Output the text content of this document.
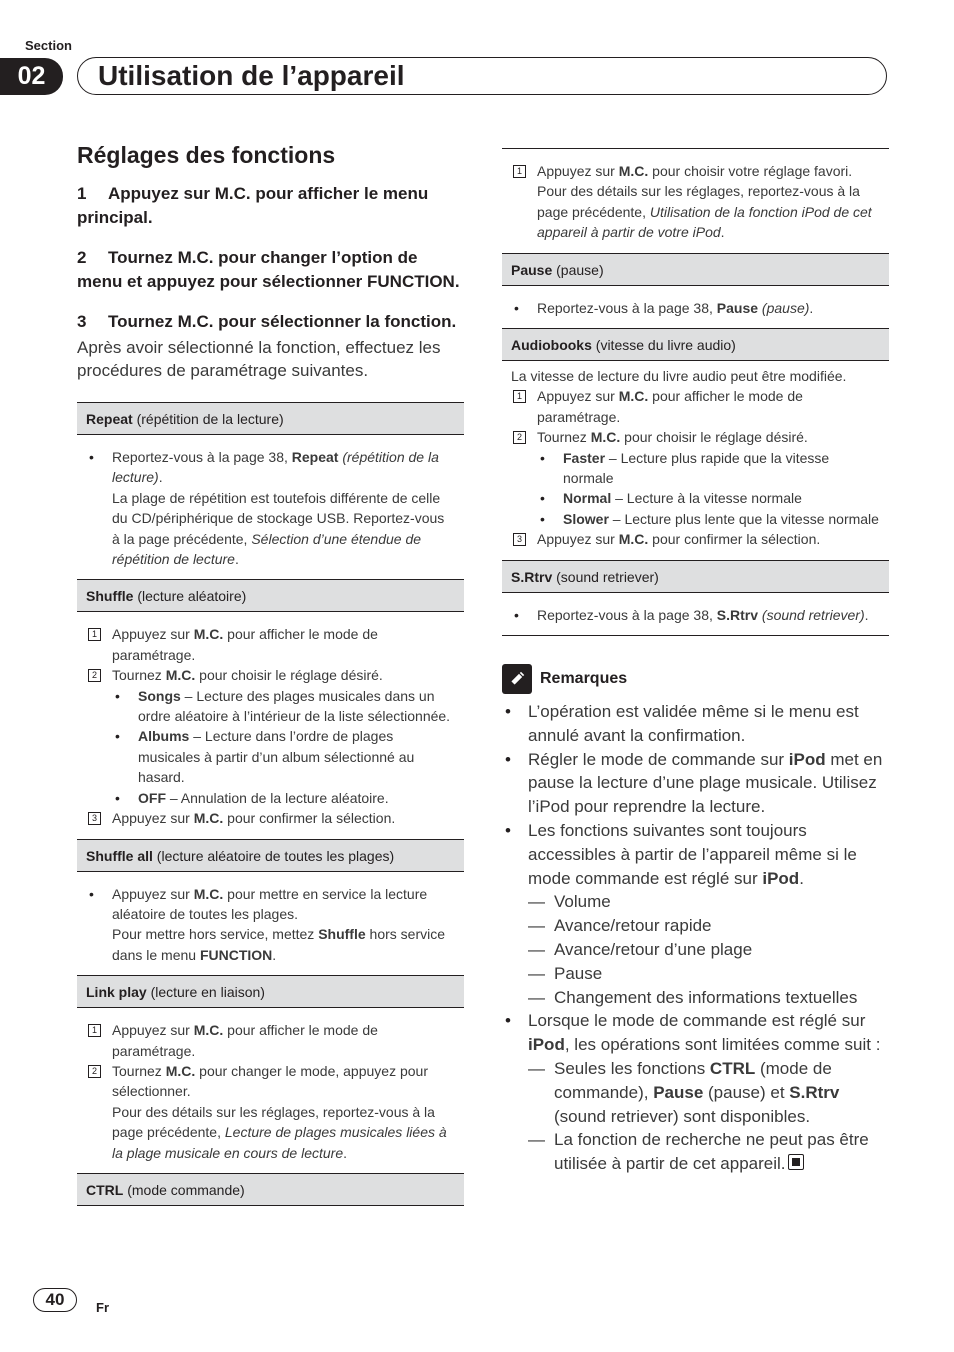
Section
02	Utilisation de l’appareil
Réglages des fonctions
1 Appuyez sur M.C. pour afficher le menu principal.
2 Tournez M.C. pour changer l’option de menu et appuyez pour sélectionner FUNCTION.
3 Tournez M.C. pour sélectionner la fonction.
Après avoir sélectionné la fonction, effectuez les procédures de paramétrage suivantes.
Repeat (répétition de la lecture)
• Reportez-vous à la page 38, Repeat (répétition de la lecture).
La plage de répétition est toutefois différente de celle du CD/périphérique de stockage USB. Reportez-vous à la page précédente, Sélection d’une étendue de répétition de lecture.
Shuffle (lecture aléatoire)
1 Appuyez sur M.C. pour afficher le mode de paramétrage.
2 Tournez M.C. pour choisir le réglage désiré.
• Songs – Lecture des plages musicales dans un ordre aléatoire à l’intérieur de la liste sélectionnée.
• Albums – Lecture dans l’ordre de plages musicales à partir d’un album sélectionné au hasard.
• OFF – Annulation de la lecture aléatoire.
3 Appuyez sur M.C. pour confirmer la sélection.
Shuffle all (lecture aléatoire de toutes les plages)
• Appuyez sur M.C. pour mettre en service la lecture aléatoire de toutes les plages.
Pour mettre hors service, mettez Shuffle hors service dans le menu FUNCTION.
Link play (lecture en liaison)
1 Appuyez sur M.C. pour afficher le mode de paramétrage.
2 Tournez M.C. pour changer le mode, appuyez pour sélectionner.
Pour des détails sur les réglages, reportez-vous à la page précédente, Lecture de plages musicales liées à la plage musicale en cours de lecture.
CTRL (mode commande)
1 Appuyez sur M.C. pour choisir votre réglage favori.
Pour des détails sur les réglages, reportez-vous à la page précédente, Utilisation de la fonction iPod de cet appareil à partir de votre iPod.
Pause (pause)
• Reportez-vous à la page 38, Pause (pause).
Audiobooks (vitesse du livre audio)
La vitesse de lecture du livre audio peut être modifiée.
1 Appuyez sur M.C. pour afficher le mode de paramétrage.
2 Tournez M.C. pour choisir le réglage désiré.
• Faster – Lecture plus rapide que la vitesse normale
• Normal – Lecture à la vitesse normale
• Slower – Lecture plus lente que la vitesse normale
3 Appuyez sur M.C. pour confirmer la sélection.
S.Rtrv (sound retriever)
• Reportez-vous à la page 38, S.Rtrv (sound retriever).
Remarques
• L’opération est validée même si le menu est annulé avant la confirmation.
• Régler le mode de commande sur iPod met en pause la lecture d’une plage musicale. Utilisez l’iPod pour reprendre la lecture.
• Les fonctions suivantes sont toujours accessibles à partir de l’appareil même si le mode commande est réglé sur iPod.
— Volume
— Avance/retour rapide
— Avance/retour d’une plage
— Pause
— Changement des informations textuelles
• Lorsque le mode de commande est réglé sur iPod, les opérations sont limitées comme suit :
— Seules les fonctions CTRL (mode de commande), Pause (pause) et S.Rtrv (sound retriever) sont disponibles.
— La fonction de recherche ne peut pas être utilisée à partir de cet appareil.
40	Fr
